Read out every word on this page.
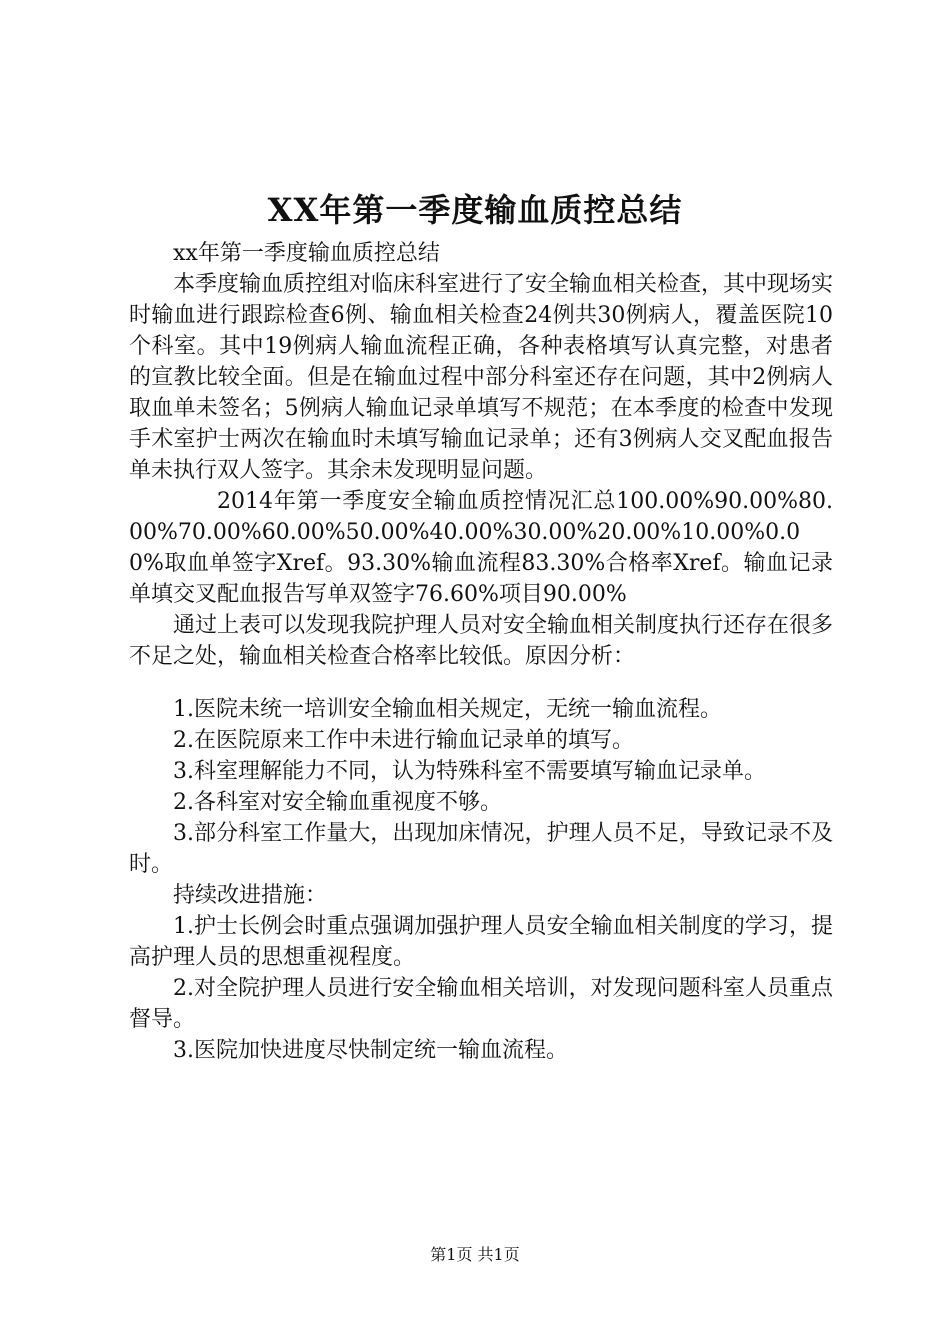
XX年第一季度输血质控总结

xx年第一季度输血质控总结

本季度输血质控组对临床科室进行了安全输血相关检查，其中现场实时输血进行跟踪检查6例、输血相关检查24例共30例病人，覆盖医院10个科室。其中19例病人输血流程正确，各种表格填写认真完整，对患者的宣教比较全面。但是在输血过程中部分科室还存在问题，其中2例病人取血单未签名；5例病人输血记录单填写不规范；在本季度的检查中发现手术室护士两次在输血时未填写输血记录单；还有3例病人交叉配血报告单未执行双人签字。其余未发现明显问题。

2014年第一季度安全输血质控情况汇总100.00%90.00%80.00%70.00%60.00%50.00%40.00%30.00%20.00%10.00%0.00%取血单签字Xref。93.30%输血流程83.30%合格率Xref。输血记录单填交叉配血报告写单双签字76.60%项目90.00%

通过上表可以发现我院护理人员对安全输血相关制度执行还存在很多不足之处，输血相关检查合格率比较低。原因分析：

1.医院未统一培训安全输血相关规定，无统一输血流程。

2.在医院原来工作中未进行输血记录单的填写。

3.科室理解能力不同，认为特殊科室不需要填写输血记录单。

2.各科室对安全输血重视度不够。

3.部分科室工作量大，出现加床情况，护理人员不足，导致记录不及时。

持续改进措施：

1.护士长例会时重点强调加强护理人员安全输血相关制度的学习，提高护理人员的思想重视程度。

2.对全院护理人员进行安全输血相关培训，对发现问题科室人员重点督导。

3.医院加快进度尽快制定统一输血流程。

第1页 共1页
